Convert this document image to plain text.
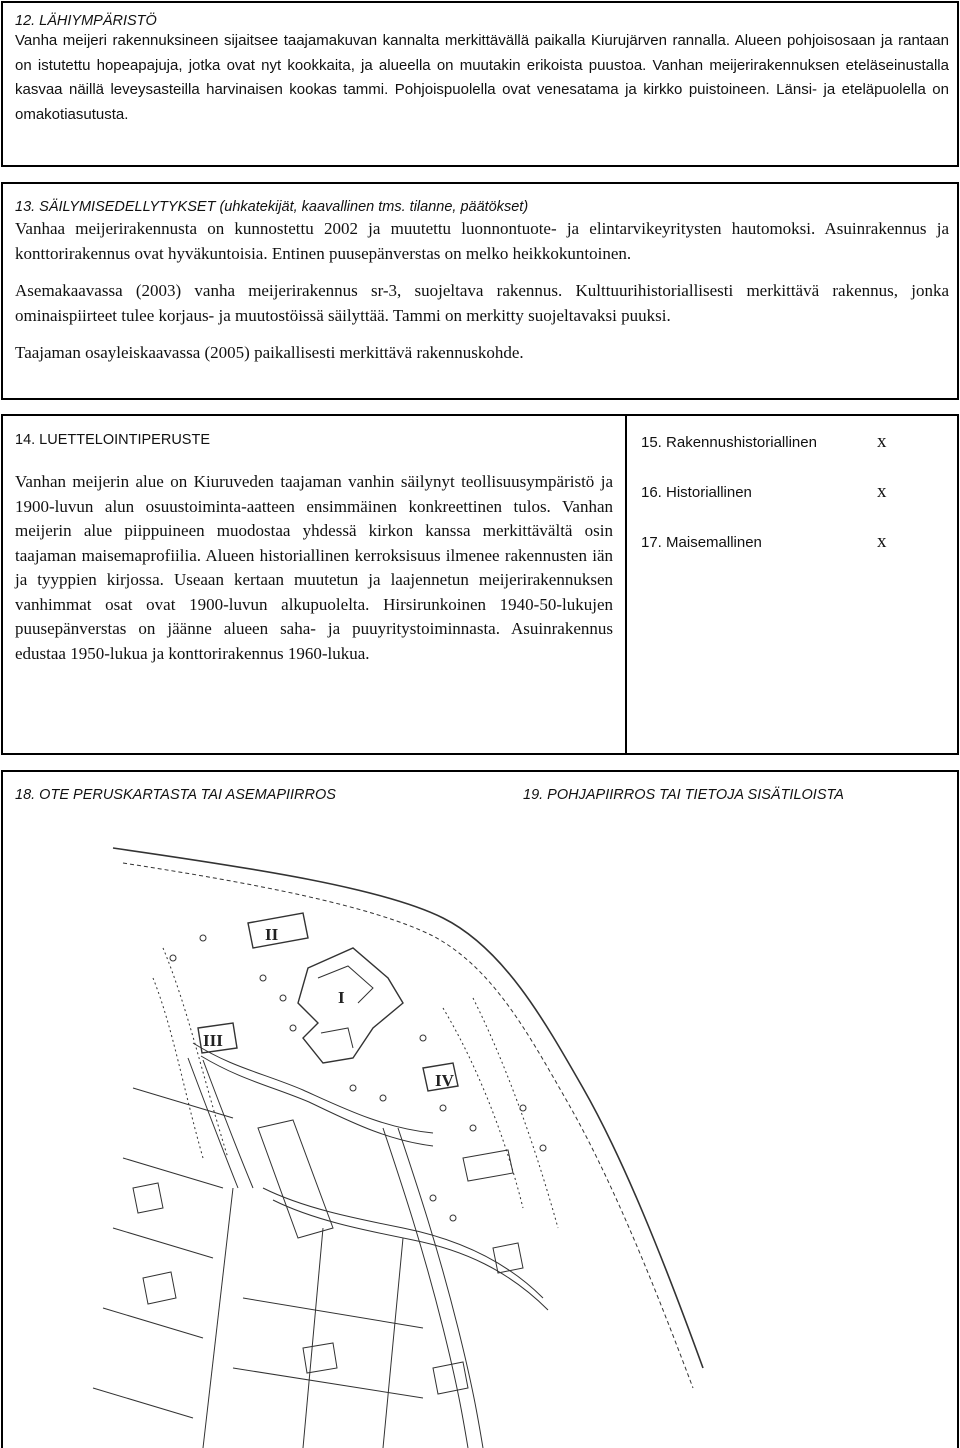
12. LÄHIYMPÄRISTÖ

Vanha meijeri rakennuksineen sijaitsee taajamakuvan kannalta merkittävällä paikalla Kiurujärven rannalla. Alueen pohjoisosaan ja rantaan on istutettu hopeapajuja, jotka ovat nyt kookkaita, ja alueella on muutakin erikoista puustoa. Vanhan meijerirakennuksen eteläseinustalla kasvaa näillä leveysasteilla harvinaisen kookas tammi. Pohjoispuolella ovat venesatama ja kirkko puistoineen. Länsi- ja eteläpuolella on omakotiasutusta.

13. SÄILYMISEDELLYTYKSET (uhkatekijät, kaavallinen tms. tilanne, päätökset)

Vanhaa meijerirakennusta on kunnostettu 2002 ja muutettu luonnontuote- ja elintarvikeyritysten hautomoksi. Asuinrakennus ja konttorirakennus ovat hyväkuntoisia. Entinen puusepänverstas on melko heikkokuntoinen.

Asemakaavassa (2003) vanha meijerirakennus sr-3, suojeltava rakennus. Kulttuurihistoriallisesti merkittävä rakennus, jonka ominaispiirteet tulee korjaus- ja muutostöissä säilyttää. Tammi on merkitty suojeltavaksi puuksi.

Taajaman osayleiskaavassa (2005) paikallisesti merkittävä rakennuskohde.

14. LUETTELOINTIPERUSTE

Vanhan meijerin alue on Kiuruveden taajaman vanhin säilynyt teollisuusympäristö ja 1900-luvun alun osuustoiminta-aatteen ensimmäinen konkreettinen tulos. Vanhan meijerin alue piippuineen muodostaa yhdessä kirkon kanssa merkittävältä osin taajaman maisemaprofiilia. Alueen historiallinen kerroksisuus ilmenee rakennusten iän ja tyyppien kirjossa. Useaan kertaan muutetun ja laajennetun meijerirakennuksen vanhimmat osat ovat 1900-luvun alkupuolelta. Hirsirunkoinen 1940-50-lukujen puusepänverstas on jäänne alueen saha- ja puuyritystoiminnasta. Asuinrakennus edustaa 1950-lukua ja konttorirakennus 1960-lukua.

15. Rakennushistoriallinen	x
16. Historiallinen	x
17. Maisemallinen	x
18. OTE PERUSKARTASTA TAI ASEMAPIIRROS	19. POHJAPIIRROS TAI TIETOJA SISÄTILOISTA
I
II
III
IV
